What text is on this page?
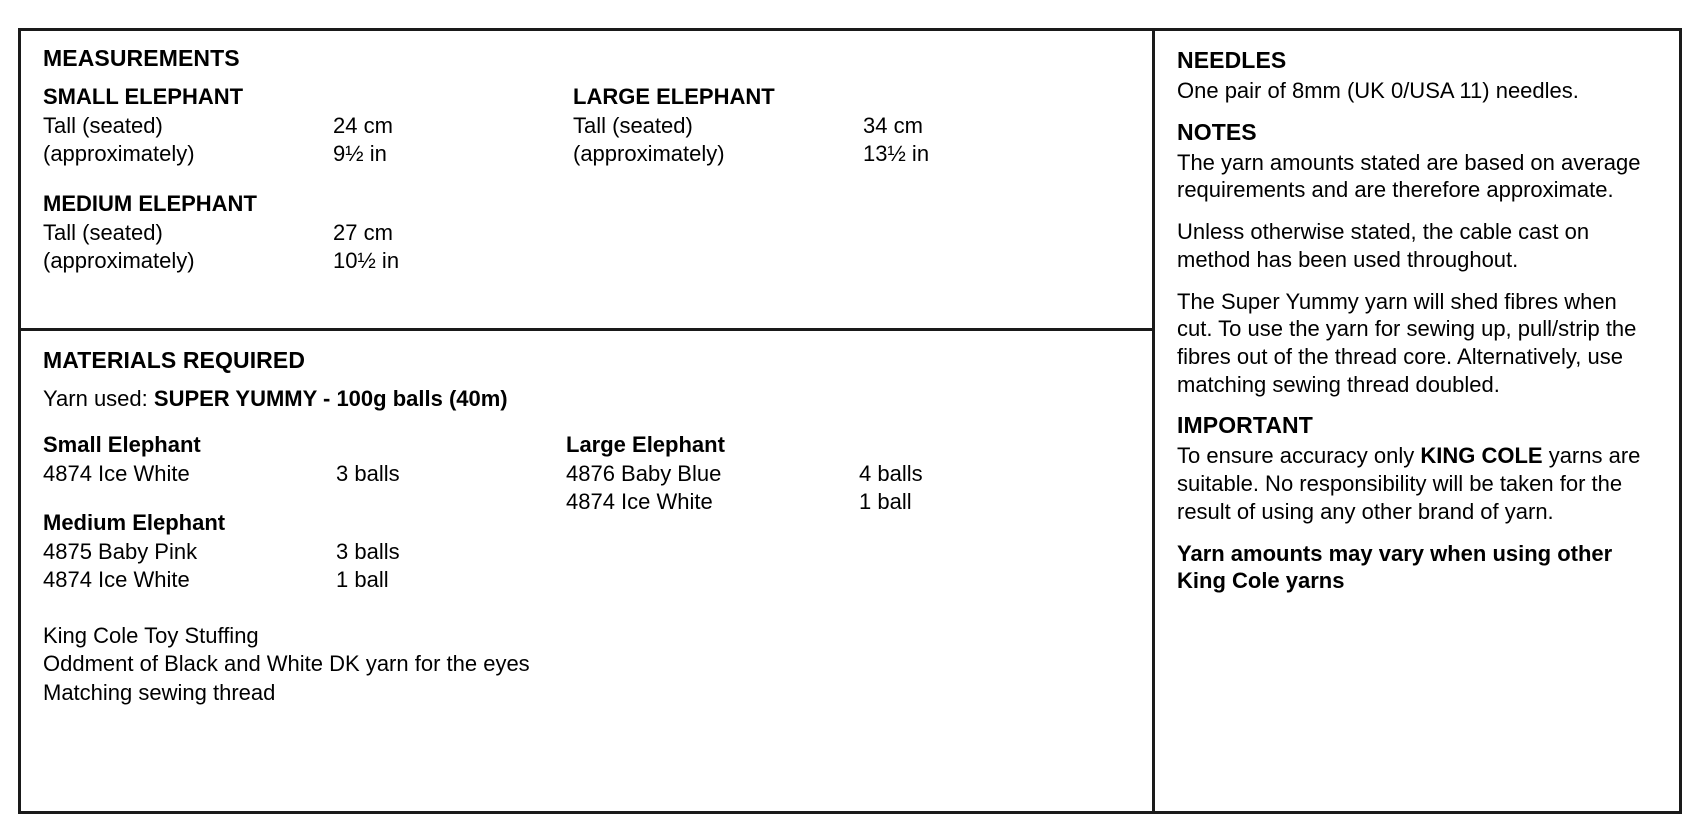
MEASUREMENTS
SMALL ELEPHANT
Tall (seated)	24 cm
(approximately)	9½ in
LARGE ELEPHANT
Tall (seated)	34 cm
(approximately)	13½ in
MEDIUM ELEPHANT
Tall (seated)	27 cm
(approximately)	10½ in
MATERIALS REQUIRED

Yarn used: SUPER YUMMY - 100g balls (40m)

Small Elephant
4874 Ice White	3 balls
Medium Elephant
4875 Baby Pink	3 balls
4874 Ice White	1 ball
Large Elephant
4876 Baby Blue	4 balls
4874 Ice White	1 ball

King Cole Toy Stuffing

Oddment of Black and White DK yarn for the eyes

Matching sewing thread

NEEDLES

One pair of 8mm (UK 0/USA 11) needles.

NOTES

The yarn amounts stated are based on average requirements and are therefore approximate.

Unless otherwise stated, the cable cast on method has been used throughout.

The Super Yummy yarn will shed fibres when cut. To use the yarn for sewing up, pull/strip the fibres out of the thread core. Alternatively, use matching sewing thread doubled.

IMPORTANT

To ensure accuracy only KING COLE yarns are suitable. No responsibility will be taken for the result of using any other brand of yarn.

Yarn amounts may vary when using other King Cole yarns
